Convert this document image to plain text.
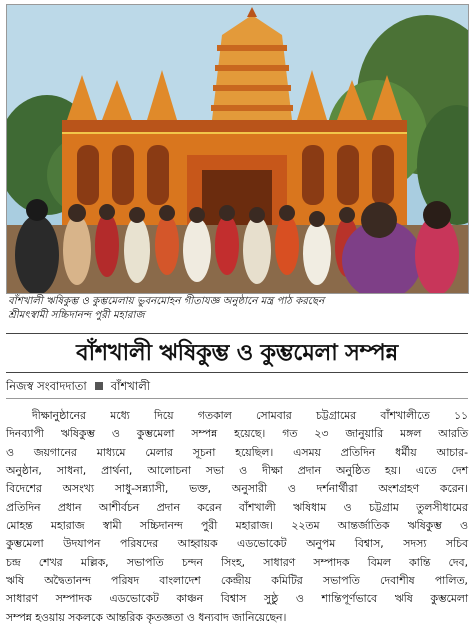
বাঁশখালী ঋষিকুম্ভ ও কুম্ভমেলায় ভুবনমোহন গীতাযজ্ঞ অনুষ্ঠানে মন্ত্র পাঠ করছেন
শ্রীমৎস্বামী সচ্চিদানন্দ পুরী মহারাজ
বাঁশখালী ঋষিকুম্ভ ও কুম্ভমেলা সম্পন্ন
নিজস্ব সংবাদদাতা বাঁশখালী

দীক্ষানুষ্ঠানের মধ্যে দিয়ে গতকাল সোমবার চট্টগ্রামের বাঁশখালীতে ১১

দিনব্যাপী ঋষিকুম্ভ ও কুম্ভমেলা সম্পন্ন হয়েছে। গত ২৩ জানুয়ারি মঙ্গল আরতি

ও জয়গানের মাধ্যমে মেলার সূচনা হয়েছিল। এসময় প্রতিদিন ধর্মীয় আচার-

অনুষ্ঠান, সাধনা, প্রার্থনা, আলোচনা সভা ও দীক্ষা প্রদান অনুষ্ঠিত হয়। এতে দেশ

বিদেশের অসংখ্য সাধু-সন্ন্যাসী, ভক্ত, অনুসারী ও দর্শনার্থীরা অংশগ্রহণ করেন।

প্রতিদিন প্রধান আশীর্বচন প্রদান করেন বাঁশখালী ঋষিধাম ও চট্টগ্রাম তুলসীধামের

মোহন্ত মহারাজ স্বামী সচ্চিদানন্দ পুরী মহারাজ। ২২তম আন্তর্জাতিক ঋষিকুম্ভ ও

কুম্ভমেলা উদযাপন পরিষদের আহ্বায়ক এডভোকেট অনুপম বিশ্বাস, সদস্য সচিব

চন্দ্র শেখর মল্লিক, সভাপতি চন্দন সিংহ, সাধারণ সম্পাদক বিমল কান্তি দেব,

ঋষি অদ্বৈতানন্দ পরিষদ বাংলাদেশ কেন্দ্রীয় কমিটির সভাপতি দেবাশীষ পালিত,

সাধারণ সম্পাদক এডভোকেট কাঞ্চন বিশ্বাস সুষ্ঠু ও শান্তিপূর্ণভাবে ঋষি কুম্ভমেলা

সম্পন্ন হওয়ায় সকলকে আন্তরিক কৃতজ্ঞতা ও ধন্যবাদ জানিয়েছেন।
